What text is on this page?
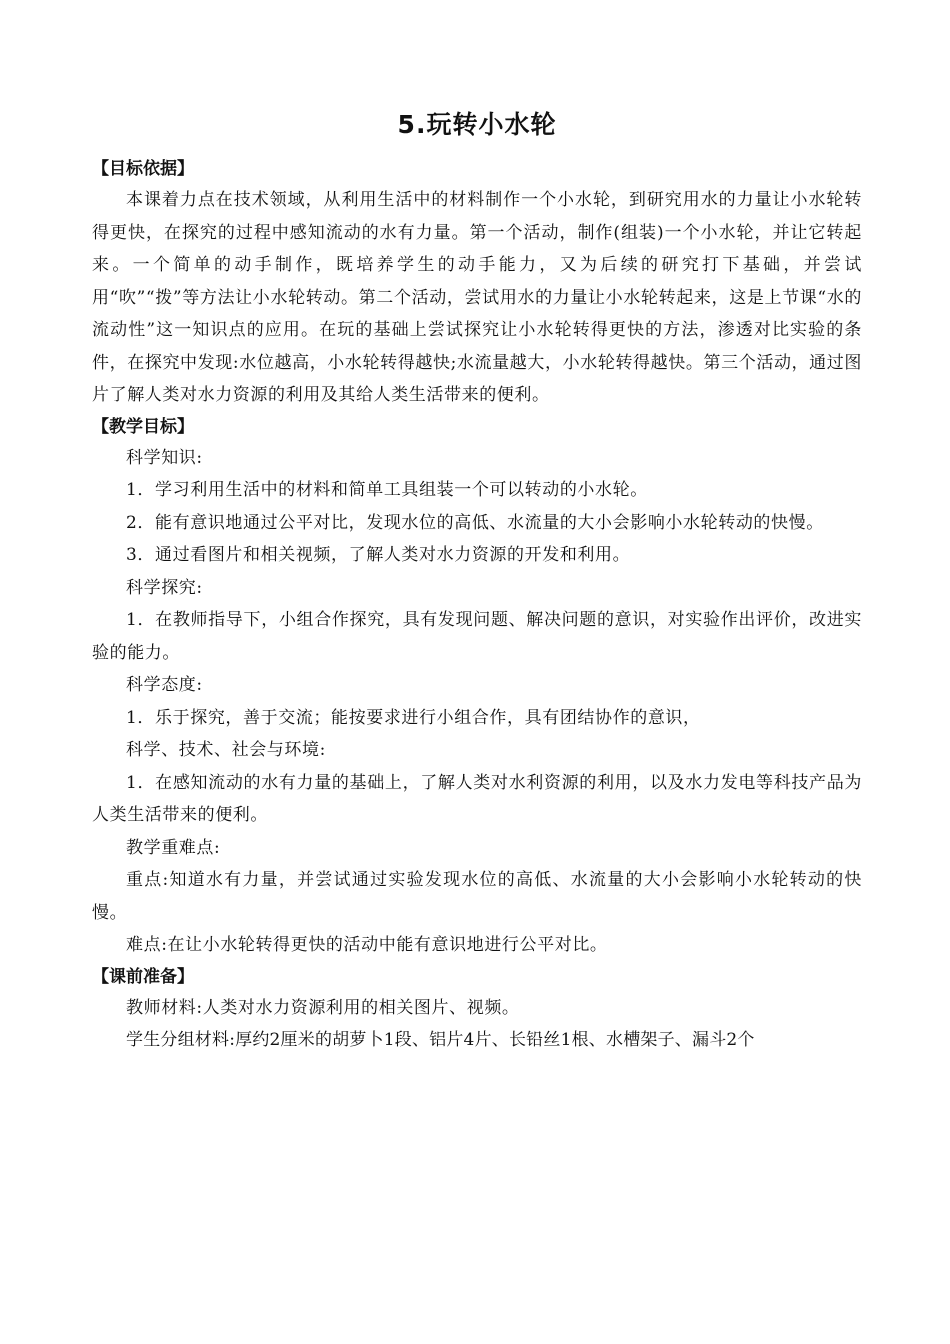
5.玩转小水轮
【目标依据】

本课着力点在技术领域，从利用生活中的材料制作一个小水轮，到研究用水的力量让小水轮转得更快，在探究的过程中感知流动的水有力量。第一个活动，制作(组装)一个小水轮，并让它转起来。一个简单的动手制作，既培养学生的动手能力，又为后续的研究打下基础，并尝试用“吹”“拨”等方法让小水轮转动。第二个活动，尝试用水的力量让小水轮转起来，这是上节课“水的流动性”这一知识点的应用。在玩的基础上尝试探究让小水轮转得更快的方法，渗透对比实验的条件，在探究中发现:水位越高，小水轮转得越快;水流量越大，小水轮转得越快。第三个活动，通过图片了解人类对水力资源的利用及其给人类生活带来的便利。

【教学目标】

科学知识:

1．学习利用生活中的材料和简单工具组装一个可以转动的小水轮。

2．能有意识地通过公平对比，发现水位的高低、水流量的大小会影响小水轮转动的快慢。

3．通过看图片和相关视频，了解人类对水力资源的开发和利用。

科学探究:

1．在教师指导下，小组合作探究，具有发现问题、解决问题的意识，对实验作出评价，改进实验的能力。

科学态度:

1．乐于探究，善于交流；能按要求进行小组合作，具有团结协作的意识，

科学、技术、社会与环境:

1．在感知流动的水有力量的基础上，了解人类对水利资源的利用，以及水力发电等科技产品为人类生活带来的便利。

教学重难点:

重点:知道水有力量，并尝试通过实验发现水位的高低、水流量的大小会影响小水轮转动的快慢。

难点:在让小水轮转得更快的活动中能有意识地进行公平对比。

【课前准备】

教师材料:人类对水力资源利用的相关图片、视频。

学生分组材料:厚约2厘米的胡萝卜1段、铝片4片、长铅丝1根、水槽架子、漏斗2个
